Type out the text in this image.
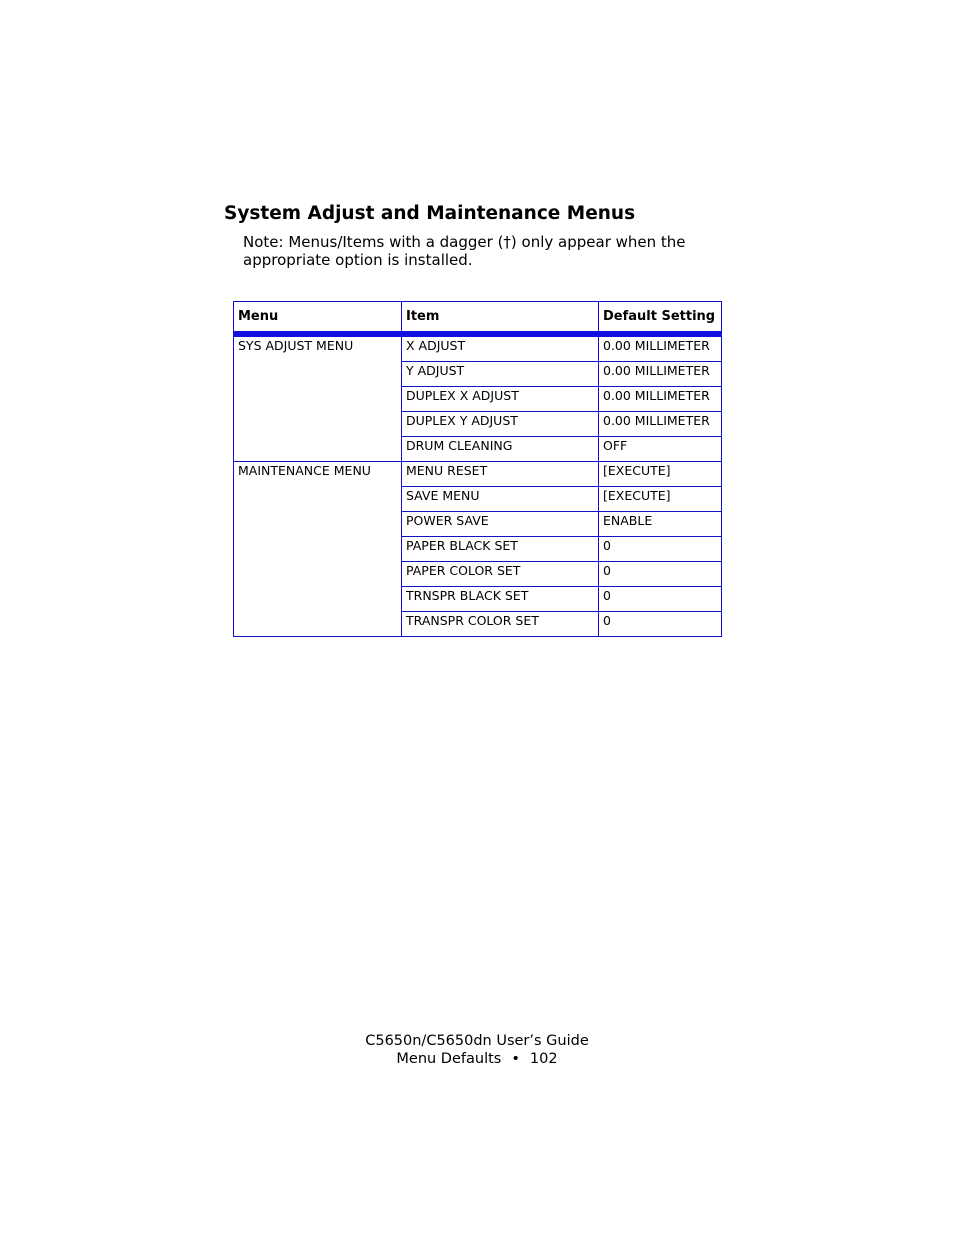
System Adjust and Maintenance Menus
Note: Menus/Items with a dagger (†) only appear when the appropriate option is installed.
Menu	Item	Default Setting
SYS ADJUST MENU	X ADJUST	0.00 MILLIMETER
	Y ADJUST	0.00 MILLIMETER
	DUPLEX X ADJUST	0.00 MILLIMETER
	DUPLEX Y ADJUST	0.00 MILLIMETER
	DRUM CLEANING	OFF
MAINTENANCE MENU	MENU RESET	[EXECUTE]
	SAVE MENU	[EXECUTE]
	POWER SAVE	ENABLE
	PAPER BLACK SET	0
	PAPER COLOR SET	0
	TRNSPR BLACK SET	0
	TRANSPR COLOR SET	0
C5650n/C5650dn User’s Guide
Menu Defaults • 102
